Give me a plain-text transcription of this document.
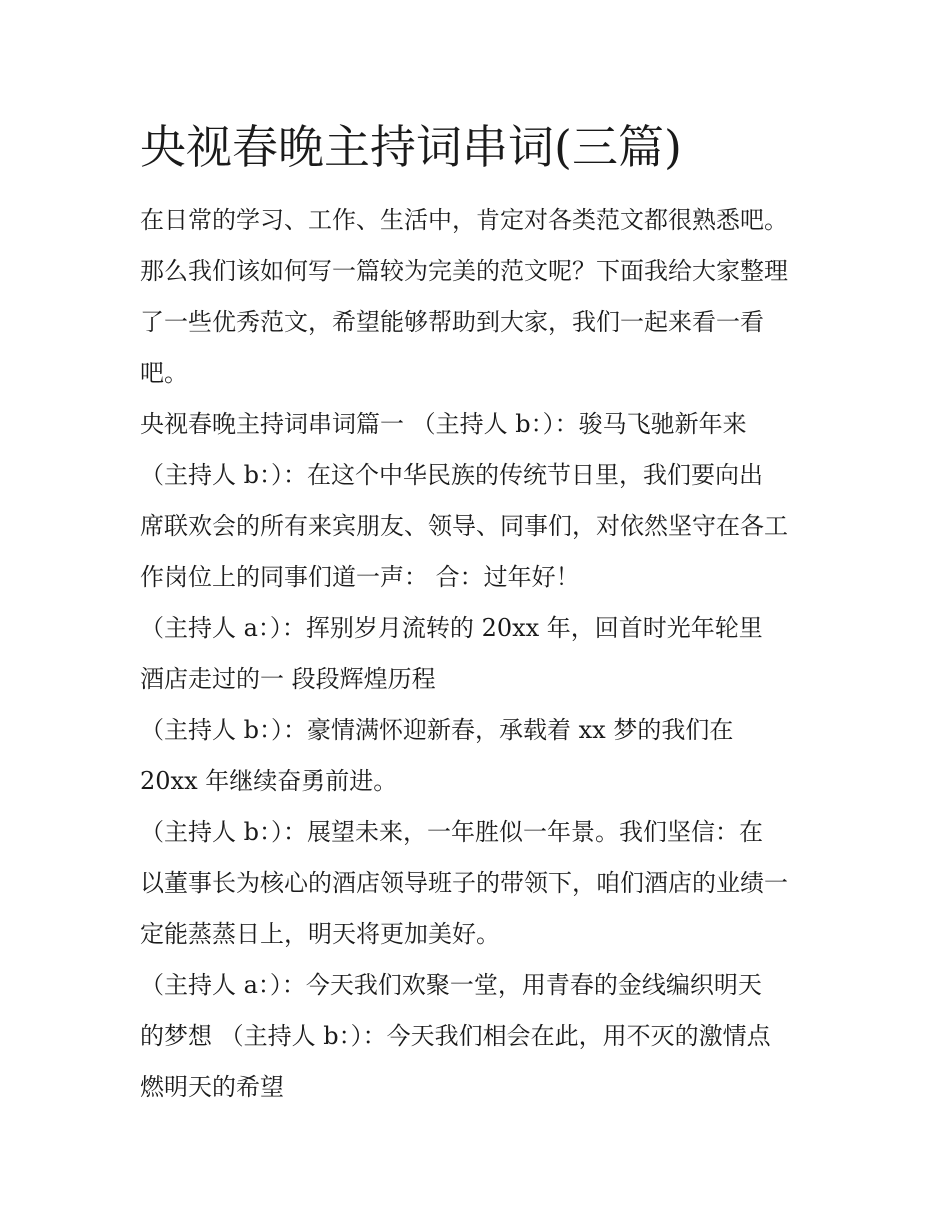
央视春晚主持词串词(三篇)

在日常的学习、工作、生活中，肯定对各类范文都很熟悉吧。

那么我们该如何写一篇较为完美的范文呢？下面我给大家整理

了一些优秀范文，希望能够帮助到大家，我们一起来看一看

吧。

央视春晚主持词串词篇一 （主持人 b：）：骏马飞驰新年来

（主持人 b：）：在这个中华民族的传统节日里，我们要向出

席联欢会的所有来宾朋友、领导、同事们，对依然坚守在各工

作岗位上的同事们道一声： 合：过年好！

（主持人 a：）：挥别岁月流转的 20xx 年，回首时光年轮里

酒店走过的一 段段辉煌历程

（主持人 b：）：豪情满怀迎新春，承载着 xx 梦的我们在

20xx 年继续奋勇前进。

（主持人 b：）：展望未来，一年胜似一年景。我们坚信：在

以董事长为核心的酒店领导班子的带领下，咱们酒店的业绩一

定能蒸蒸日上，明天将更加美好。

（主持人 a：）：今天我们欢聚一堂，用青春的金线编织明天

的梦想 （主持人 b：）：今天我们相会在此，用不灭的激情点

燃明天的希望
